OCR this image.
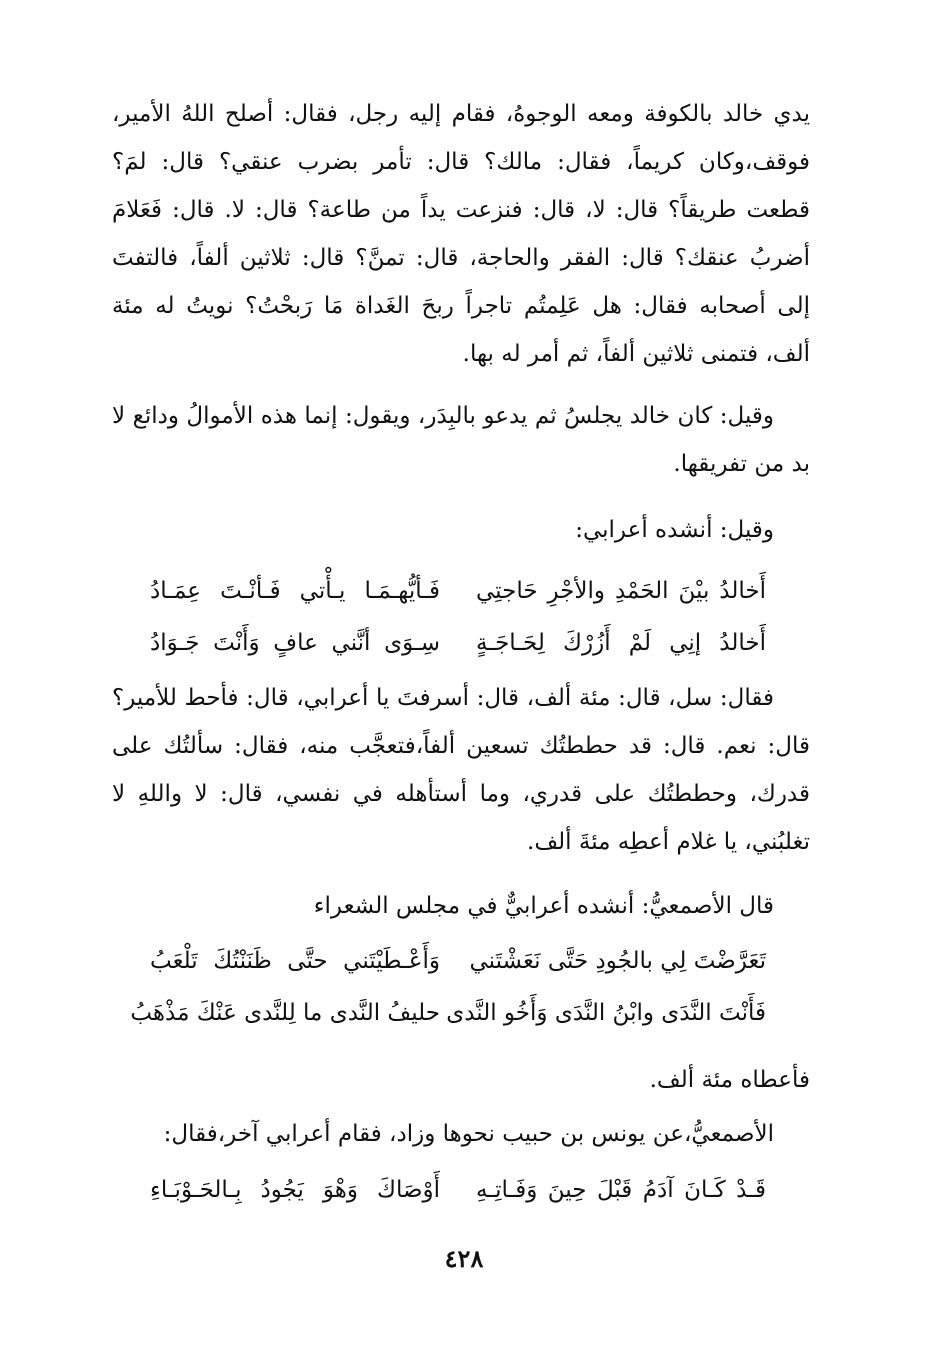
يدي خالد بالكوفة ومعه الوجوهُ، فقام إليه رجل، فقال: أصلح اللهُ الأمير، فوقف،وكان كريماً، فقال: مالك؟ قال: تأمر بضرب عنقي؟ قال: لمَ؟ قطعت طريقاً؟ قال: لا، قال: فنزعت يداً من طاعة؟ قال: لا. قال: فَعَلامَ أضربُ عنقك؟ قال: الفقر والحاجة، قال: تمنَّ؟ قال: ثلاثين ألفاً، فالتفتَ إلى أصحابه فقال: هل عَلِمتُم تاجراً ربحَ الغَداة مَا رَبحْتُ؟ نويتُ له مئة ألف، فتمنى ثلاثين ألفاً، ثم أمر له بها.

وقيل: كان خالد يجلسُ ثم يدعو بالبِدَر، ويقول: إنما هذه الأموالُ ودائع لا بد من تفريقها.

وقيل: أنشده أعرابي:

أَخالدُ بيْنَ الحَمْدِ والأجْرِ حَاجتِي
فَـأيُّهـمَـا يـأْتي فَـأنْـتَ عِمَـادُ
أَخالدُ إنِي لَمْ أَزُرْكَ لِحَـاجَـةٍ
سِـوَى أنَّني عافٍ وَأَنْتَ جَـوَادُ

فقال: سل، قال: مئة ألف، قال: أسرفتَ يا أعرابي، قال: فأحط للأمير؟ قال: نعم. قال: قد حططتُك تسعين ألفاً،فتعجَّب منه، فقال: سألتُك على قدرك، وحططتُك على قدري، وما أستأهله في نفسي، قال: لا واللهِ لا تغلبُني، يا غلام أعطِه مئةَ ألف.

قال الأصمعيُّ: أنشده أعرابيٌّ في مجلس الشعراء

تَعَرَّضْتَ لِي بالجُودِ حَتَّى نَعَشْتَني
وَأَعْـطَيْتَني حتَّى ظَنَنْتُكَ تَلْعَبُ
فَأَنْتَ النَّدَى وابْنُ النَّدَى وَأَخُو النَّدى
حليفُ النَّدى ما لِلنَّدى عَنْكَ مَذْهَبُ

فأعطاه مئة ألف.

الأصمعيُّ،عن يونس بن حبيب نحوها وزاد، فقام أعرابي آخر،فقال:

قَـدْ كَـانَ آدَمُ قَبْلَ حِينَ وَفَـاتِـهِ
أَوْصَاكَ وَهْوَ يَجُودُ بِـالحَـوْبَـاءِ
٤٢٨
